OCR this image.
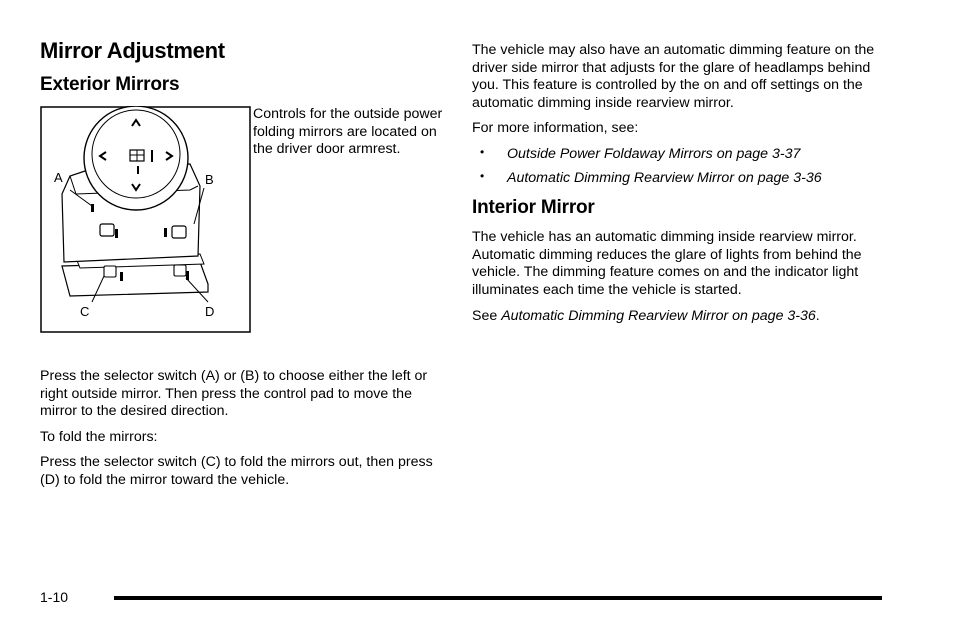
Mirror Adjustment
Exterior Mirrors
A	B
C	D

Controls for the outside power folding mirrors are located on the driver door armrest.

Press the selector switch (A) or (B) to choose either the left or right outside mirror. Then press the control pad to move the mirror to the desired direction.

To fold the mirrors:

Press the selector switch (C) to fold the mirrors out, then press (D) to fold the mirror toward the vehicle.

The vehicle may also have an automatic dimming feature on the driver side mirror that adjusts for the glare of headlamps behind you. This feature is controlled by the on and off settings on the automatic dimming inside rearview mirror.

For more information, see:

• Outside Power Foldaway Mirrors on page 3-37
• Automatic Dimming Rearview Mirror on page 3-36
Interior Mirror

The vehicle has an automatic dimming inside rearview mirror. Automatic dimming reduces the glare of lights from behind the vehicle. The dimming feature comes on and the indicator light illuminates each time the vehicle is started.

See Automatic Dimming Rearview Mirror on page 3-36.

1-10
